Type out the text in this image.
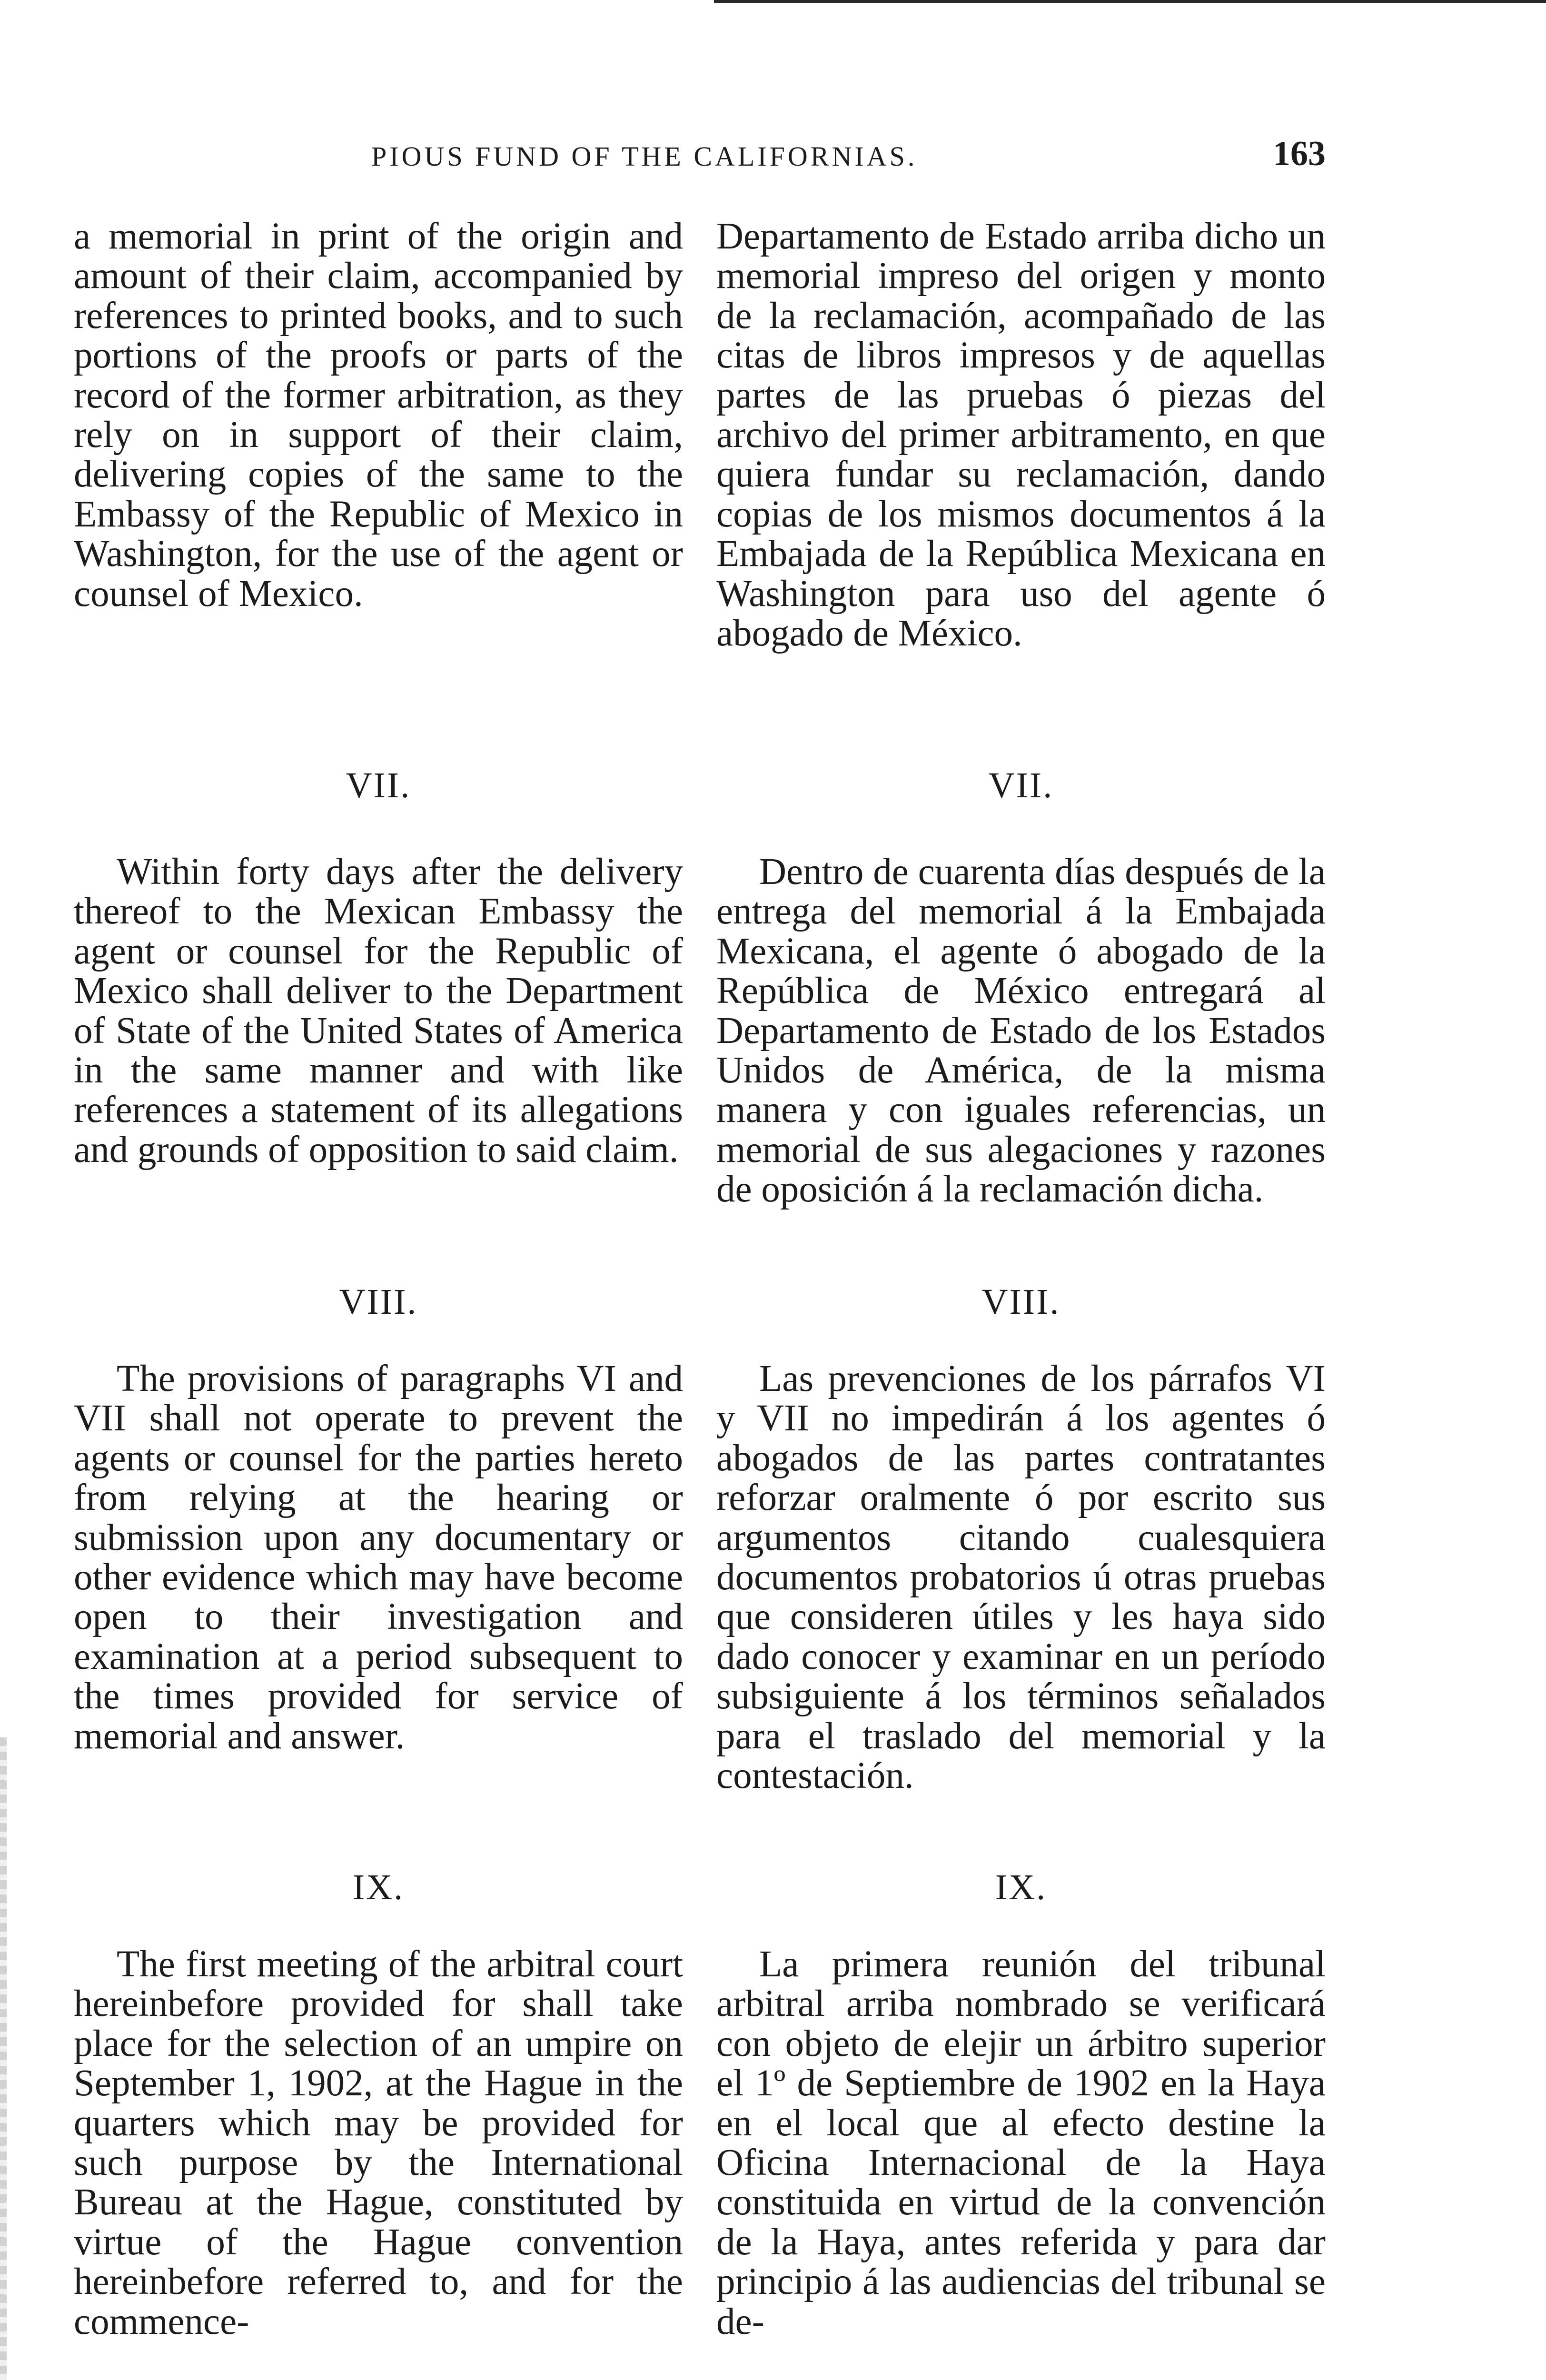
PIOUS FUND OF THE CALIFORNIAS.	163

a memorial in print of the origin and amount of their claim, accompanied by references to printed books, and to such portions of the proofs or parts of the record of the former arbitration, as they rely on in support of their claim, delivering copies of the same to the Embassy of the Republic of Mexico in Washington, for the use of the agent or counsel of Mexico.

VII.

Within forty days after the delivery thereof to the Mexican Embassy the agent or counsel for the Republic of Mexico shall deliver to the Department of State of the United States of America in the same manner and with like references a statement of its allegations and grounds of opposition to said claim.

VIII.

The provisions of paragraphs VI and VII shall not operate to prevent the agents or counsel for the parties hereto from relying at the hearing or submission upon any documentary or other evidence which may have become open to their investigation and examination at a period subsequent to the times provided for service of memorial and answer.

IX.

The first meeting of the arbitral court hereinbefore provided for shall take place for the selection of an umpire on September 1, 1902, at the Hague in the quarters which may be provided for such purpose by the International Bureau at the Hague, constituted by virtue of the Hague convention hereinbefore referred to, and for the commence-

Departamento de Estado arriba dicho un memorial impreso del origen y monto de la reclamación, acompañado de las citas de libros impresos y de aquellas partes de las pruebas ó piezas del archivo del primer arbitramento, en que quiera fundar su reclamación, dando copias de los mismos documentos á la Embajada de la República Mexicana en Washington para uso del agente ó abogado de México.

VII.

Dentro de cuarenta días después de la entrega del memorial á la Embajada Mexicana, el agente ó abogado de la República de México entregará al Departamento de Estado de los Estados Unidos de América, de la misma manera y con iguales referencias, un memorial de sus alegaciones y razones de oposición á la reclamación dicha.

VIII.

Las prevenciones de los párrafos VI y VII no impedirán á los agentes ó abogados de las partes contratantes reforzar oralmente ó por escrito sus argumentos citando cualesquiera documentos probatorios ú otras pruebas que consideren útiles y les haya sido dado conocer y examinar en un período subsiguiente á los términos señalados para el traslado del memorial y la contestación.

IX.

La primera reunión del tribunal arbitral arriba nombrado se verificará con objeto de elejir un árbitro superior el 1º de Septiembre de 1902 en la Haya en el local que al efecto destine la Oficina Internacional de la Haya constituida en virtud de la convención de la Haya, antes referida y para dar principio á las audiencias del tribunal se de-
